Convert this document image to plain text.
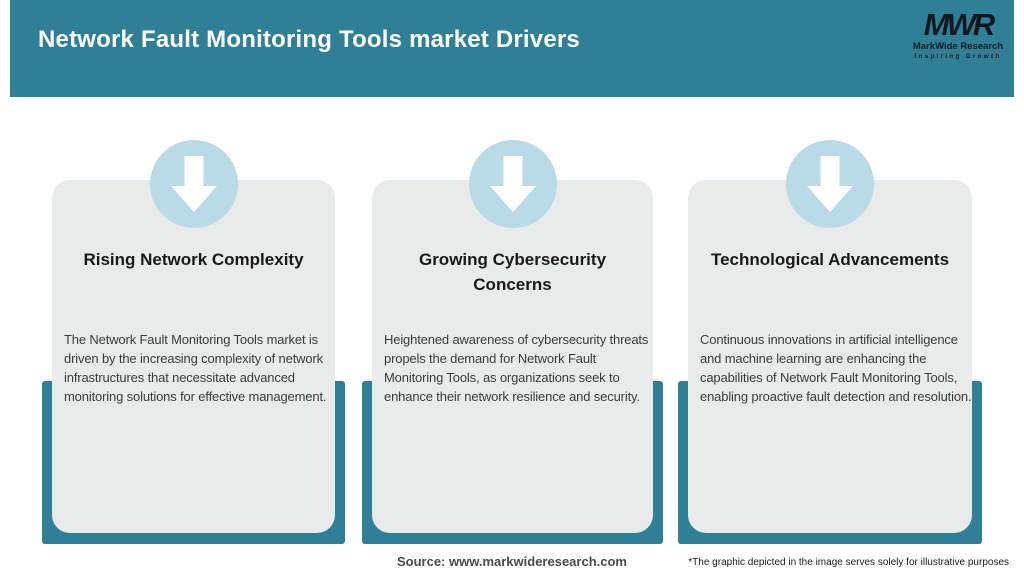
Network Fault Monitoring Tools market Drivers	MWR
MarkWide Research
Inspiring Growth
Rising Network Complexity
The Network Fault Monitoring Tools market is driven by the increasing complexity of network infrastructures that necessitate advanced monitoring solutions for effective management.
Growing Cybersecurity Concerns
Heightened awareness of cybersecurity threats propels the demand for Network Fault Monitoring Tools, as organizations seek to enhance their network resilience and security.
Technological Advancements
Continuous innovations in artificial intelligence and machine learning are enhancing the capabilities of Network Fault Monitoring Tools, enabling proactive fault detection and resolution.
Source: www.markwideresearch.com	*The graphic depicted in the image serves solely for illustrative purposes
